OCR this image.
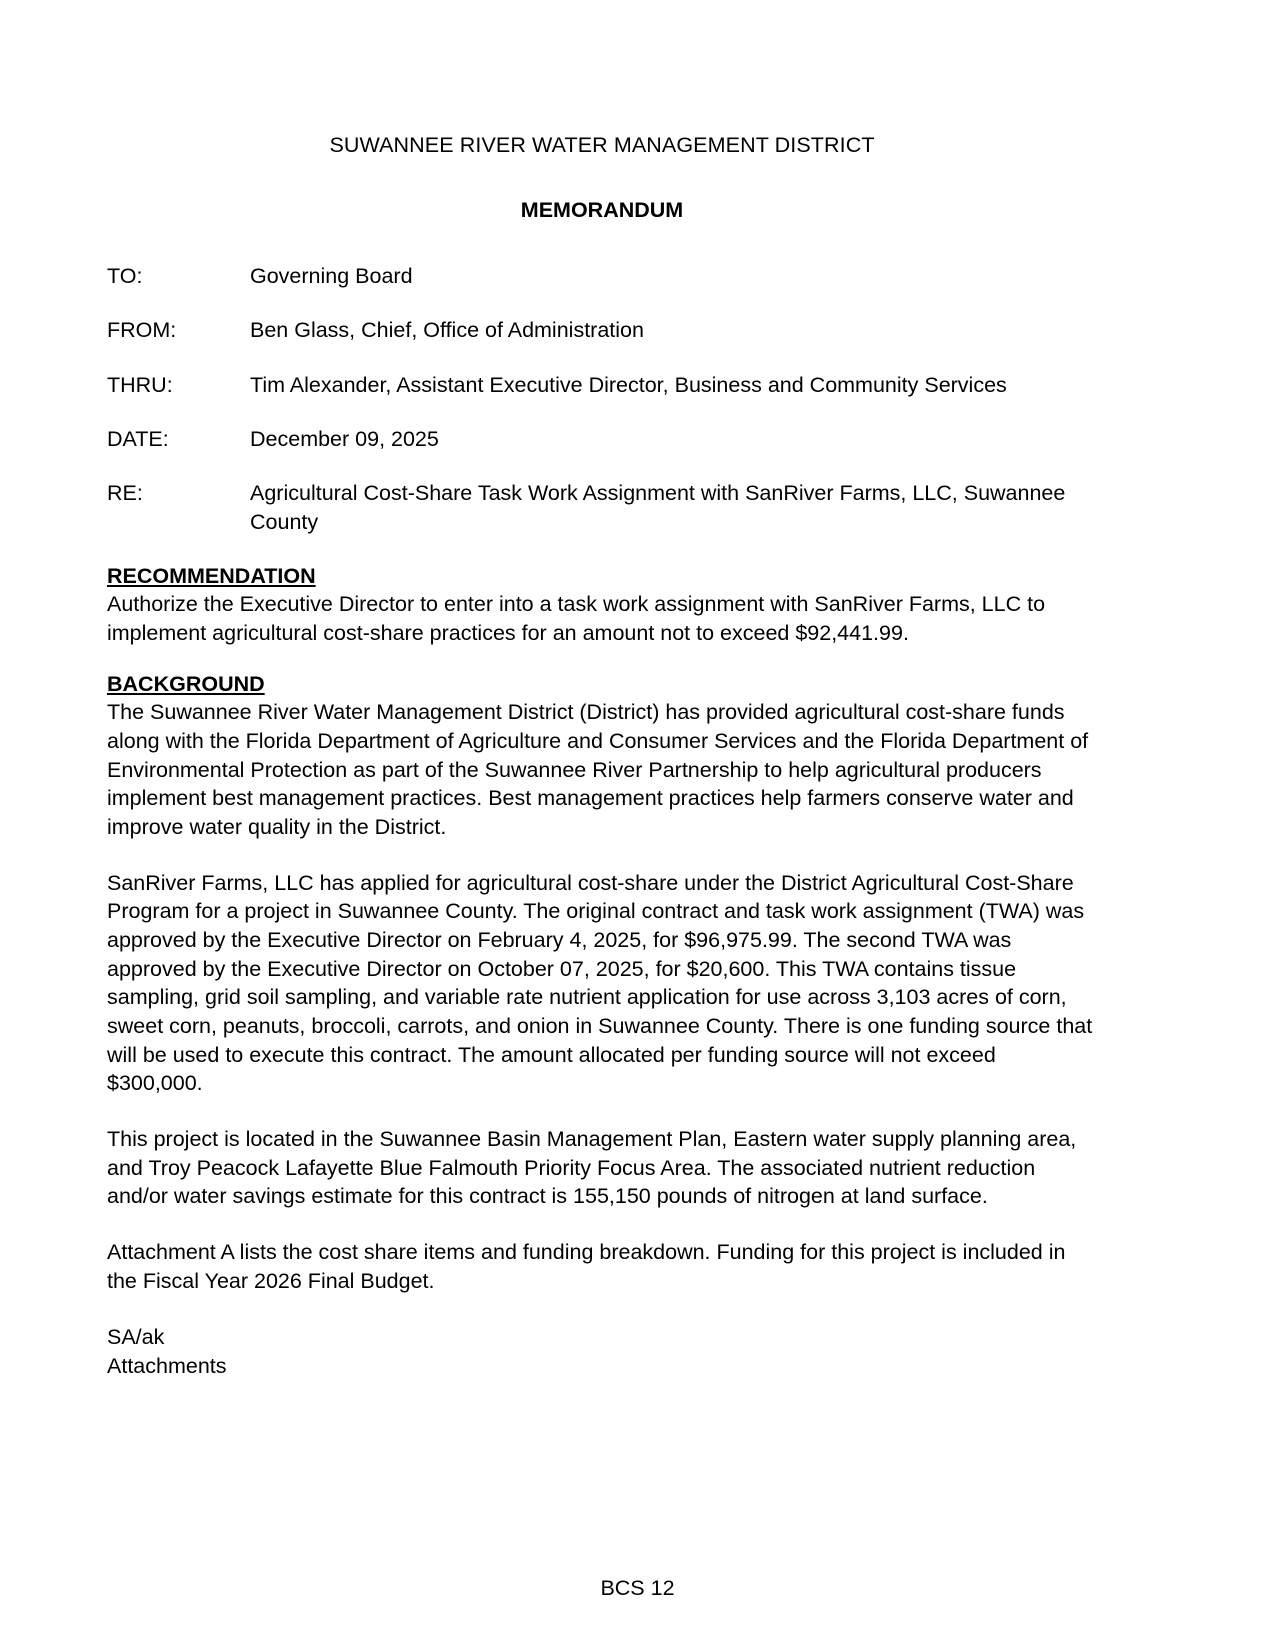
SUWANNEE RIVER WATER MANAGEMENT DISTRICT
MEMORANDUM
TO:	Governing Board
FROM:	Ben Glass, Chief, Office of Administration
THRU:	Tim Alexander, Assistant Executive Director, Business and Community Services
DATE:	December 09, 2025
RE:	Agricultural Cost-Share Task Work Assignment with SanRiver Farms, LLC, Suwannee County
RECOMMENDATION
Authorize the Executive Director to enter into a task work assignment with SanRiver Farms, LLC to implement agricultural cost-share practices for an amount not to exceed $92,441.99.
BACKGROUND
The Suwannee River Water Management District (District) has provided agricultural cost-share funds along with the Florida Department of Agriculture and Consumer Services and the Florida Department of Environmental Protection as part of the Suwannee River Partnership to help agricultural producers implement best management practices. Best management practices help farmers conserve water and improve water quality in the District.
SanRiver Farms, LLC has applied for agricultural cost-share under the District Agricultural Cost-Share Program for a project in Suwannee County. The original contract and task work assignment (TWA) was approved by the Executive Director on February 4, 2025, for $96,975.99. The second TWA was approved by the Executive Director on October 07, 2025, for $20,600. This TWA contains tissue sampling, grid soil sampling, and variable rate nutrient application for use across 3,103 acres of corn, sweet corn, peanuts, broccoli, carrots, and onion in Suwannee County. There is one funding source that will be used to execute this contract. The amount allocated per funding source will not exceed $300,000.
This project is located in the Suwannee Basin Management Plan, Eastern water supply planning area, and Troy Peacock Lafayette Blue Falmouth Priority Focus Area. The associated nutrient reduction and/or water savings estimate for this contract is 155,150 pounds of nitrogen at land surface.
Attachment A lists the cost share items and funding breakdown. Funding for this project is included in the Fiscal Year 2026 Final Budget.
SA/ak
Attachments
BCS 12
